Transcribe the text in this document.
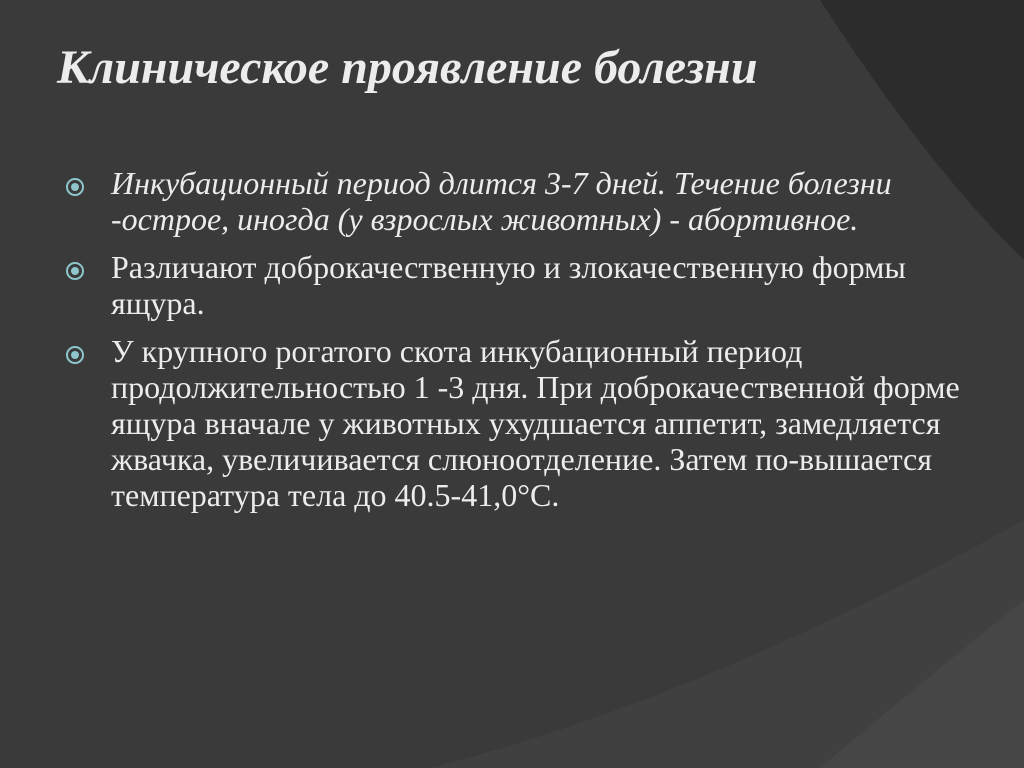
Клиническое проявление болезни
Инкубационный период длится 3-7 дней. Течение болезни -острое, иногда (у взрослых животных) - абортивное.
Различают доброкачественную и злокачественную формы ящура.
У крупного рогатого скота инкубационный период продолжительностью 1 -3 дня. При доброкачественной форме ящура вначале у животных ухудшается аппетит, замедляется жвачка, увеличивается слюноотделение. Затем по-вышается температура тела до 40.5-41,0°С.
